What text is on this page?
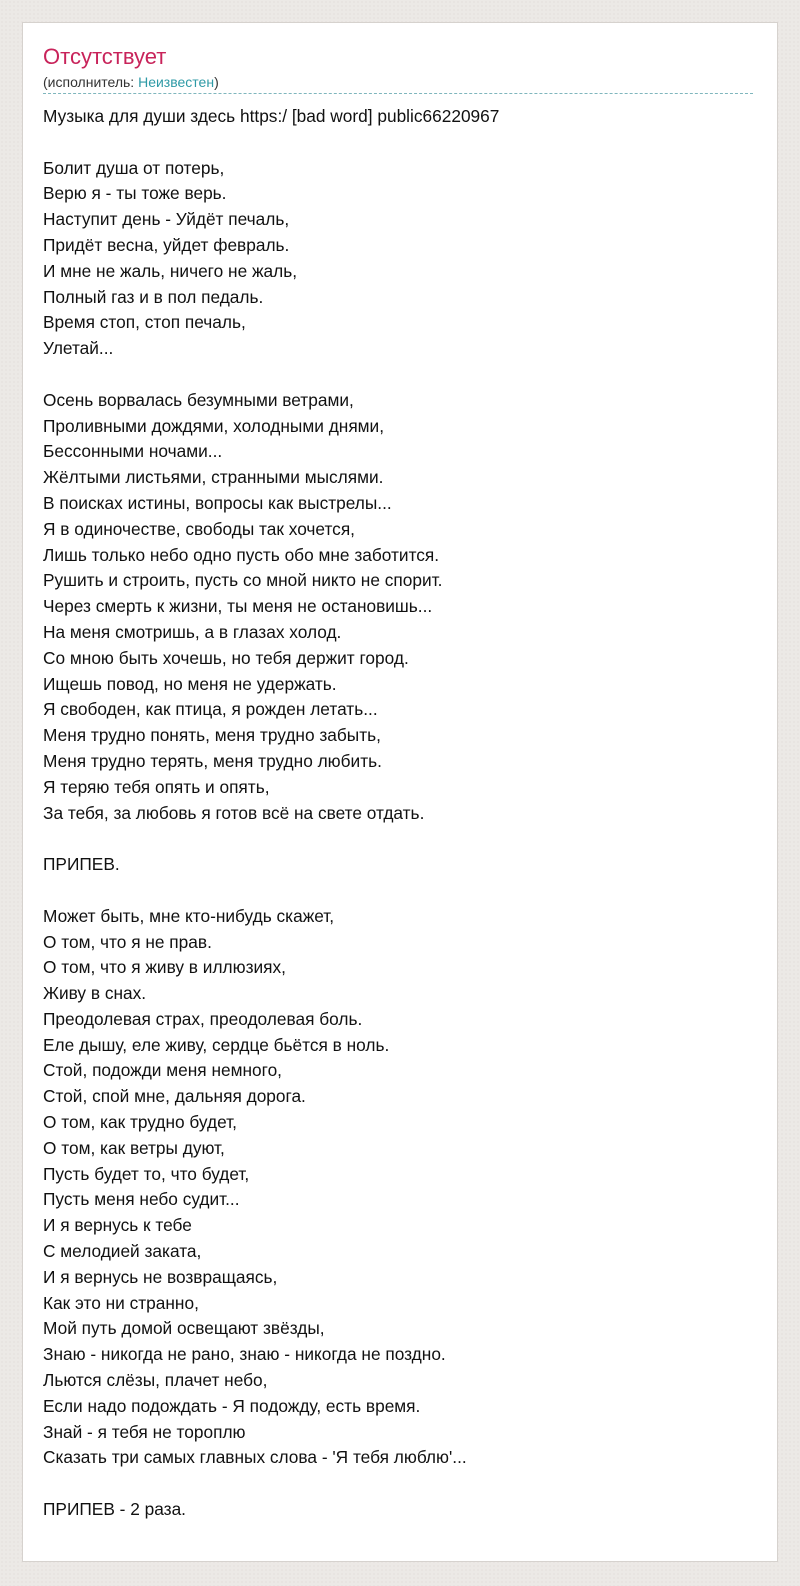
Отсутствует
(исполнитель: Неизвестен)
Музыка для души здесь https:/ [bad word] public66220967
Болит душа от потерь,
Верю я - ты тоже верь.
Наступит день - Уйдёт печаль,
Придёт весна, уйдет февраль.
И мне не жаль, ничего не жаль,
Полный газ и в пол педаль.
Время стоп, стоп печаль,
Улетай...
Осень ворвалась безумными ветрами,
Проливными дождями, холодными днями,
Бессонными ночами...
Жёлтыми листьями, странными мыслями.
В поисках истины, вопросы как выстрелы...
Я в одиночестве, свободы так хочется,
Лишь только небо одно пусть обо мне заботится.
Рушить и строить, пусть со мной никто не спорит.
Через смерть к жизни, ты меня не остановишь...
На меня смотришь, а в глазах холод.
Со мною быть хочешь, но тебя держит город.
Ищешь повод, но меня не удержать.
Я свободен, как птица, я рожден летать...
Меня трудно понять, меня трудно забыть,
Меня трудно терять, меня трудно любить.
Я теряю тебя опять и опять,
За тебя, за любовь я готов всё на свете отдать.
ПРИПЕВ.
Может быть, мне кто-нибудь скажет,
О том, что я не прав.
О том, что я живу в иллюзиях,
Живу в снах.
Преодолевая страх, преодолевая боль.
Еле дышу, еле живу, сердце бьётся в ноль.
Стой, подожди меня немного,
Стой, спой мне, дальняя дорога.
О том, как трудно будет,
О том, как ветры дуют,
Пусть будет то, что будет,
Пусть меня небо судит...
И я вернусь к тебе
С мелодией заката,
И я вернусь не возвращаясь,
Как это ни странно,
Мой путь домой освещают звёзды,
Знаю - никогда не рано, знаю - никогда не поздно.
Льются слёзы, плачет небо,
Если надо подождать - Я подожду, есть время.
Знай - я тебя не тороплю
Сказать три самых главных слова - 'Я тебя люблю'...
ПРИПЕВ - 2 раза.
